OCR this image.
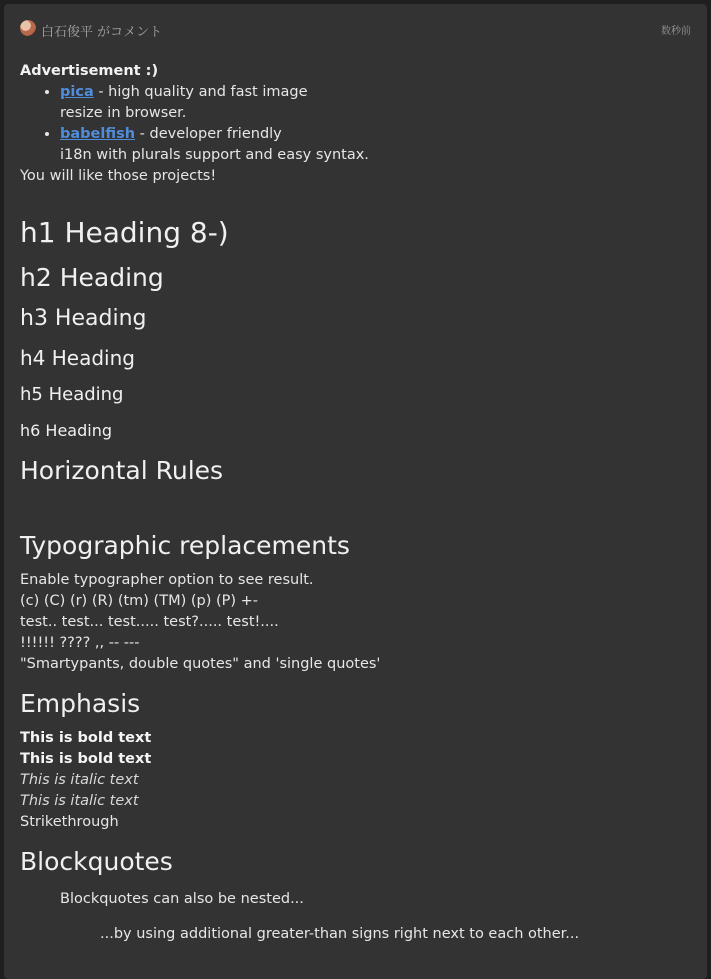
白石俊平 がコメント	数秒前
Advertisement :)
• pica - high quality and fast image
resize in browser.
• babelfish - developer friendly
i18n with plurals support and easy syntax.

You will like those projects!

h1 Heading 8-)
h2 Heading
h3 Heading
h4 Heading
h5 Heading
h6 Heading
Horizontal Rules
Typographic replacements
Enable typographer option to see result.
(c) (C) (r) (R) (tm) (TM) (p) (P) +-
test.. test... test..... test?..... test!....
!!!!!! ???? ,, -- ---
"Smartypants, double quotes" and 'single quotes'
Emphasis
This is bold text
This is bold text
This is italic text
This is italic text
Strikethrough
Blockquotes
Blockquotes can also be nested...
...by using additional greater-than signs right next to each other...
